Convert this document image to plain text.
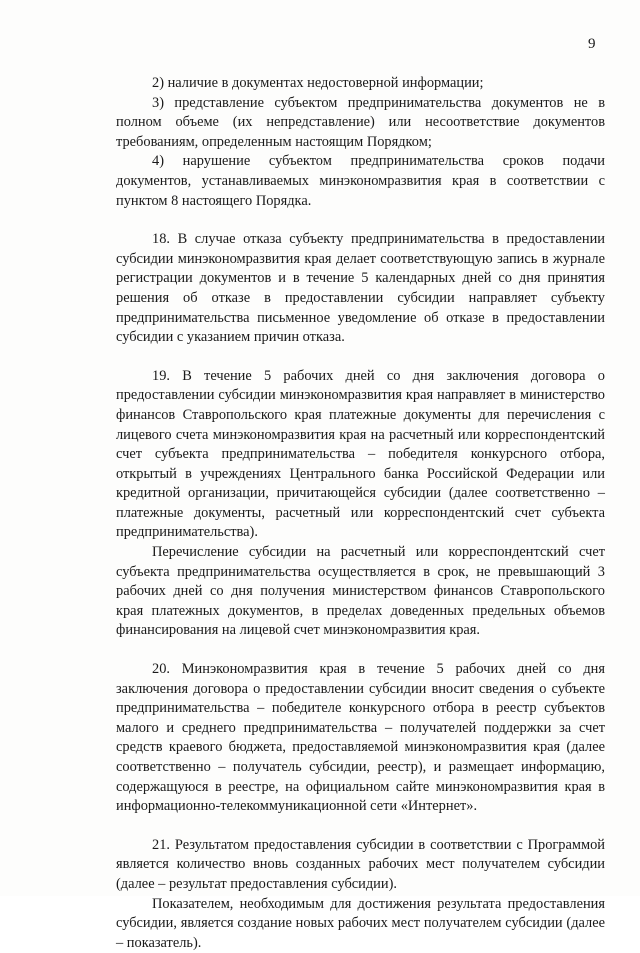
9

2) наличие в документах недостоверной информации;

3) представление субъектом предпринимательства документов не в полном объеме (их непредставление) или несоответствие документов требованиям, определенным настоящим Порядком;

4) нарушение субъектом предпринимательства сроков подачи документов, устанавливаемых минэкономразвития края в соответствии с пунктом 8 настоящего Порядка.

18. В случае отказа субъекту предпринимательства в предоставлении субсидии минэкономразвития края делает соответствующую запись в журнале регистрации документов и в течение 5 календарных дней со дня принятия решения об отказе в предоставлении субсидии направляет субъекту предпринимательства письменное уведомление об отказе в предоставлении субсидии с указанием причин отказа.

19. В течение 5 рабочих дней со дня заключения договора о предоставлении субсидии минэкономразвития края направляет в министерство финансов Ставропольского края платежные документы для перечисления с лицевого счета минэкономразвития края на расчетный или корреспондентский счет субъекта предпринимательства – победителя конкурсного отбора, открытый в учреждениях Центрального банка Российской Федерации или кредитной организации, причитающейся субсидии (далее соответственно – платежные документы, расчетный или корреспондентский счет субъекта предпринимательства).

Перечисление субсидии на расчетный или корреспондентский счет субъекта предпринимательства осуществляется в срок, не превышающий 3 рабочих дней со дня получения министерством финансов Ставропольского края платежных документов, в пределах доведенных предельных объемов финансирования на лицевой счет минэкономразвития края.

20. Минэкономразвития края в течение 5 рабочих дней со дня заключения договора о предоставлении субсидии вносит сведения о субъекте предпринимательства – победителе конкурсного отбора в реестр субъектов малого и среднего предпринимательства – получателей поддержки за счет средств краевого бюджета, предоставляемой минэкономразвития края (далее соответственно – получатель субсидии, реестр), и размещает информацию, содержащуюся в реестре, на официальном сайте минэкономразвития края в информационно-телекоммуникационной сети «Интернет».

21. Результатом предоставления субсидии в соответствии с Программой является количество вновь созданных рабочих мест получателем субсидии (далее – результат предоставления субсидии).

Показателем, необходимым для достижения результата предоставления субсидии, является создание новых рабочих мест получателем субсидии (далее – показатель).
